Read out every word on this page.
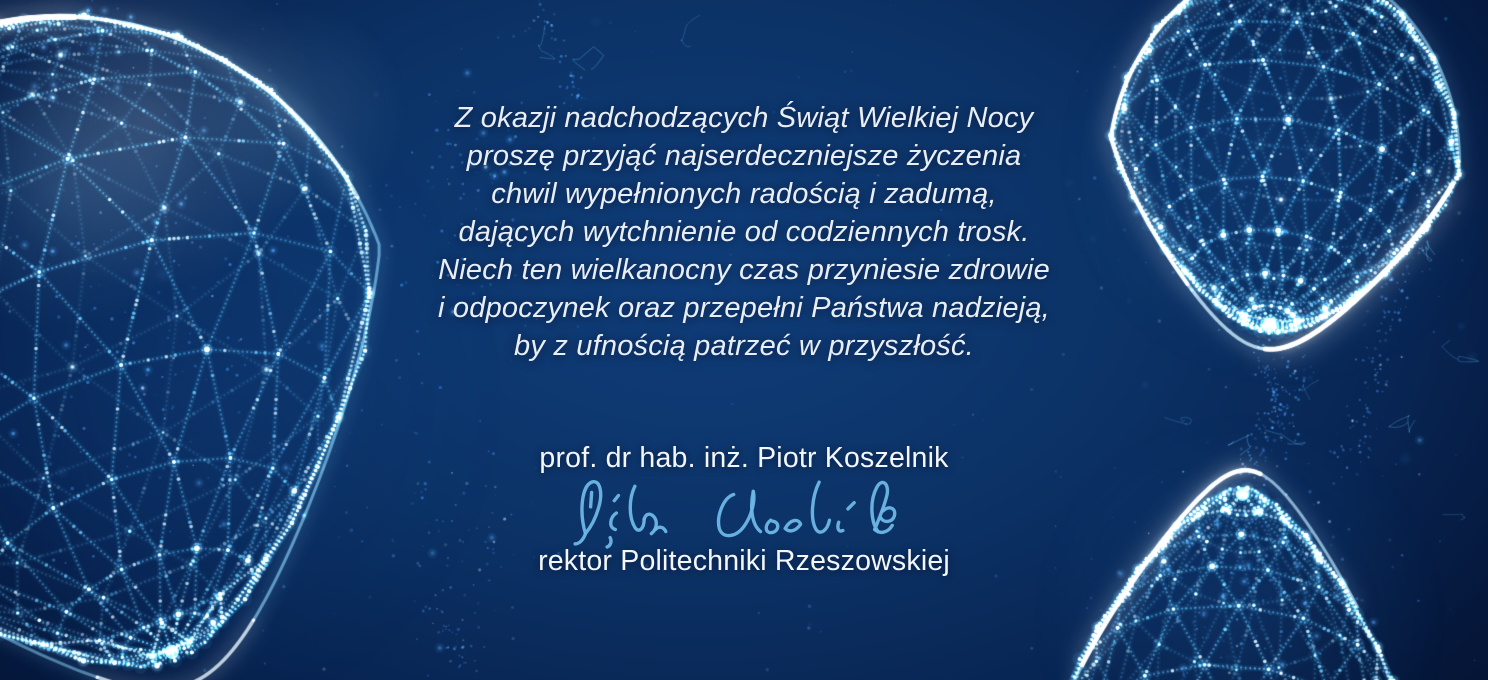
Z okazji nadchodzących Świąt Wielkiej Nocy
proszę przyjąć najserdeczniejsze życzenia
chwil wypełnionych radością i zadumą,
dających wytchnienie od codziennych trosk.
Niech ten wielkanocny czas przyniesie zdrowie
i odpoczynek oraz przepełni Państwa nadzieją,
by z ufnością patrzeć w przyszłość.
prof. dr hab. inż. Piotr Koszelnik
rektor Politechniki Rzeszowskiej
